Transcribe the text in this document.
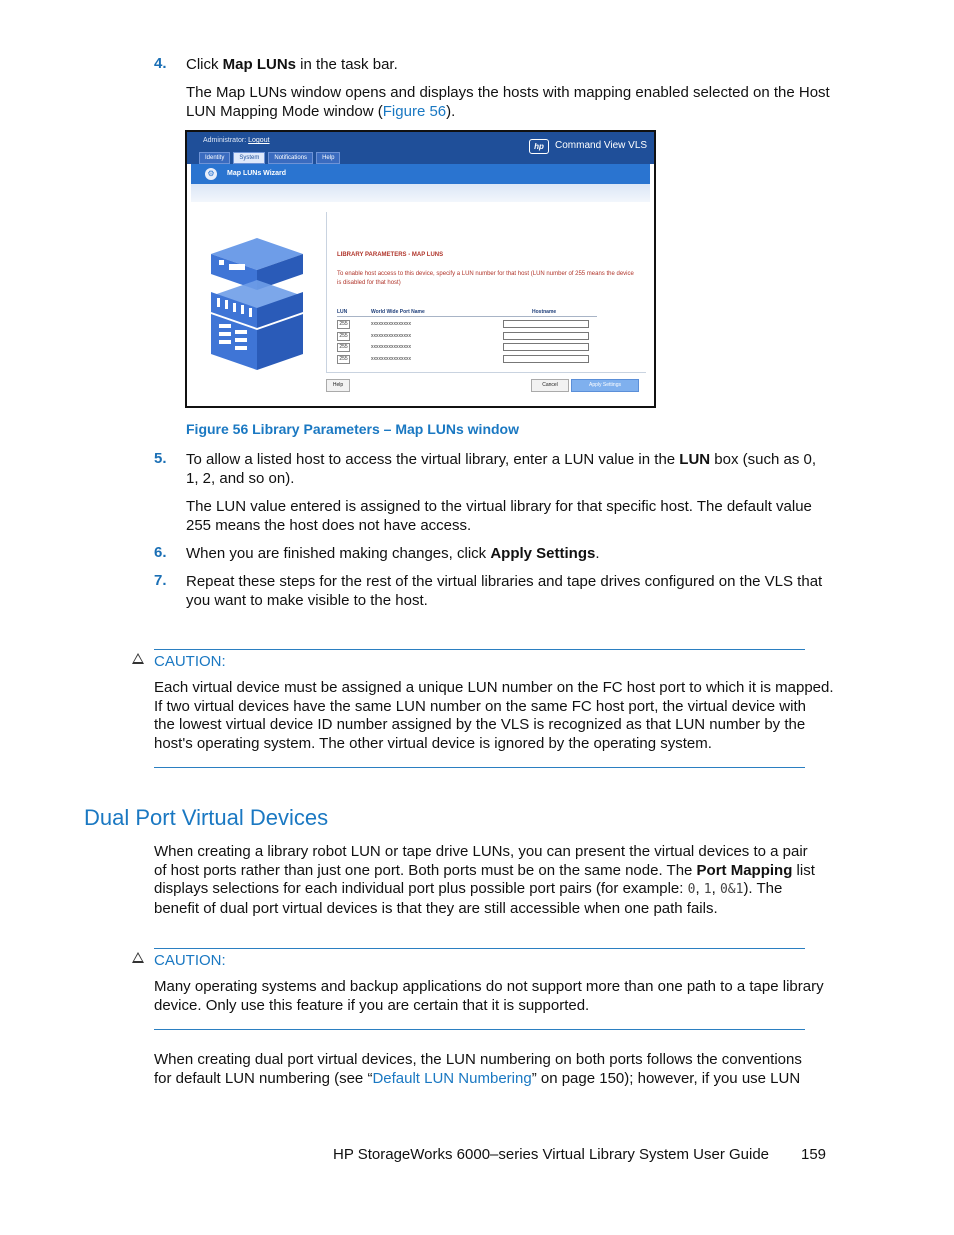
4. Click Map LUNs in the task bar.
The Map LUNs window opens and displays the hosts with mapping enabled selected on the Host
LUN Mapping Mode window (Figure 56).
Administrator: Logout
Identity	System	Notifications	Help
hp	Command View VLS
⚙	Map LUNs Wizard
LIBRARY PARAMETERS - MAP LUNS
To enable host access to this device, specify a LUN number for that host (LUN number of 255 means the device is disabled for that host)
LUN	World Wide Port Name	Hostname
255	xxxxxxxxxxxxxxxx
255	xxxxxxxxxxxxxxxx
255	xxxxxxxxxxxxxxxx
255	xxxxxxxxxxxxxxxx
Help	Cancel	Apply Settings
Figure 56 Library Parameters – Map LUNs window
5. To allow a listed host to access the virtual library, enter a LUN value in the LUN box (such as 0,
1, 2, and so on).
The LUN value entered is assigned to the virtual library for that specific host. The default value
255 means the host does not have access.
6. When you are finished making changes, click Apply Settings.
7. Repeat these steps for the rest of the virtual libraries and tape drives configured on the VLS that
you want to make visible to the host.
CAUTION:
Each virtual device must be assigned a unique LUN number on the FC host port to which it is mapped.
If two virtual devices have the same LUN number on the same FC host port, the virtual device with
the lowest virtual device ID number assigned by the VLS is recognized as that LUN number by the
host's operating system. The other virtual device is ignored by the operating system.
Dual Port Virtual Devices
When creating a library robot LUN or tape drive LUNs, you can present the virtual devices to a pair
of host ports rather than just one port. Both ports must be on the same node. The Port Mapping list
displays selections for each individual port plus possible port pairs (for example: 0, 1, 0&1). The
benefit of dual port virtual devices is that they are still accessible when one path fails.
CAUTION:
Many operating systems and backup applications do not support more than one path to a tape library
device. Only use this feature if you are certain that it is supported.
When creating dual port virtual devices, the LUN numbering on both ports follows the conventions
for default LUN numbering (see “Default LUN Numbering” on page 150); however, if you use LUN
HP StorageWorks 6000–series Virtual Library System User Guide 159
